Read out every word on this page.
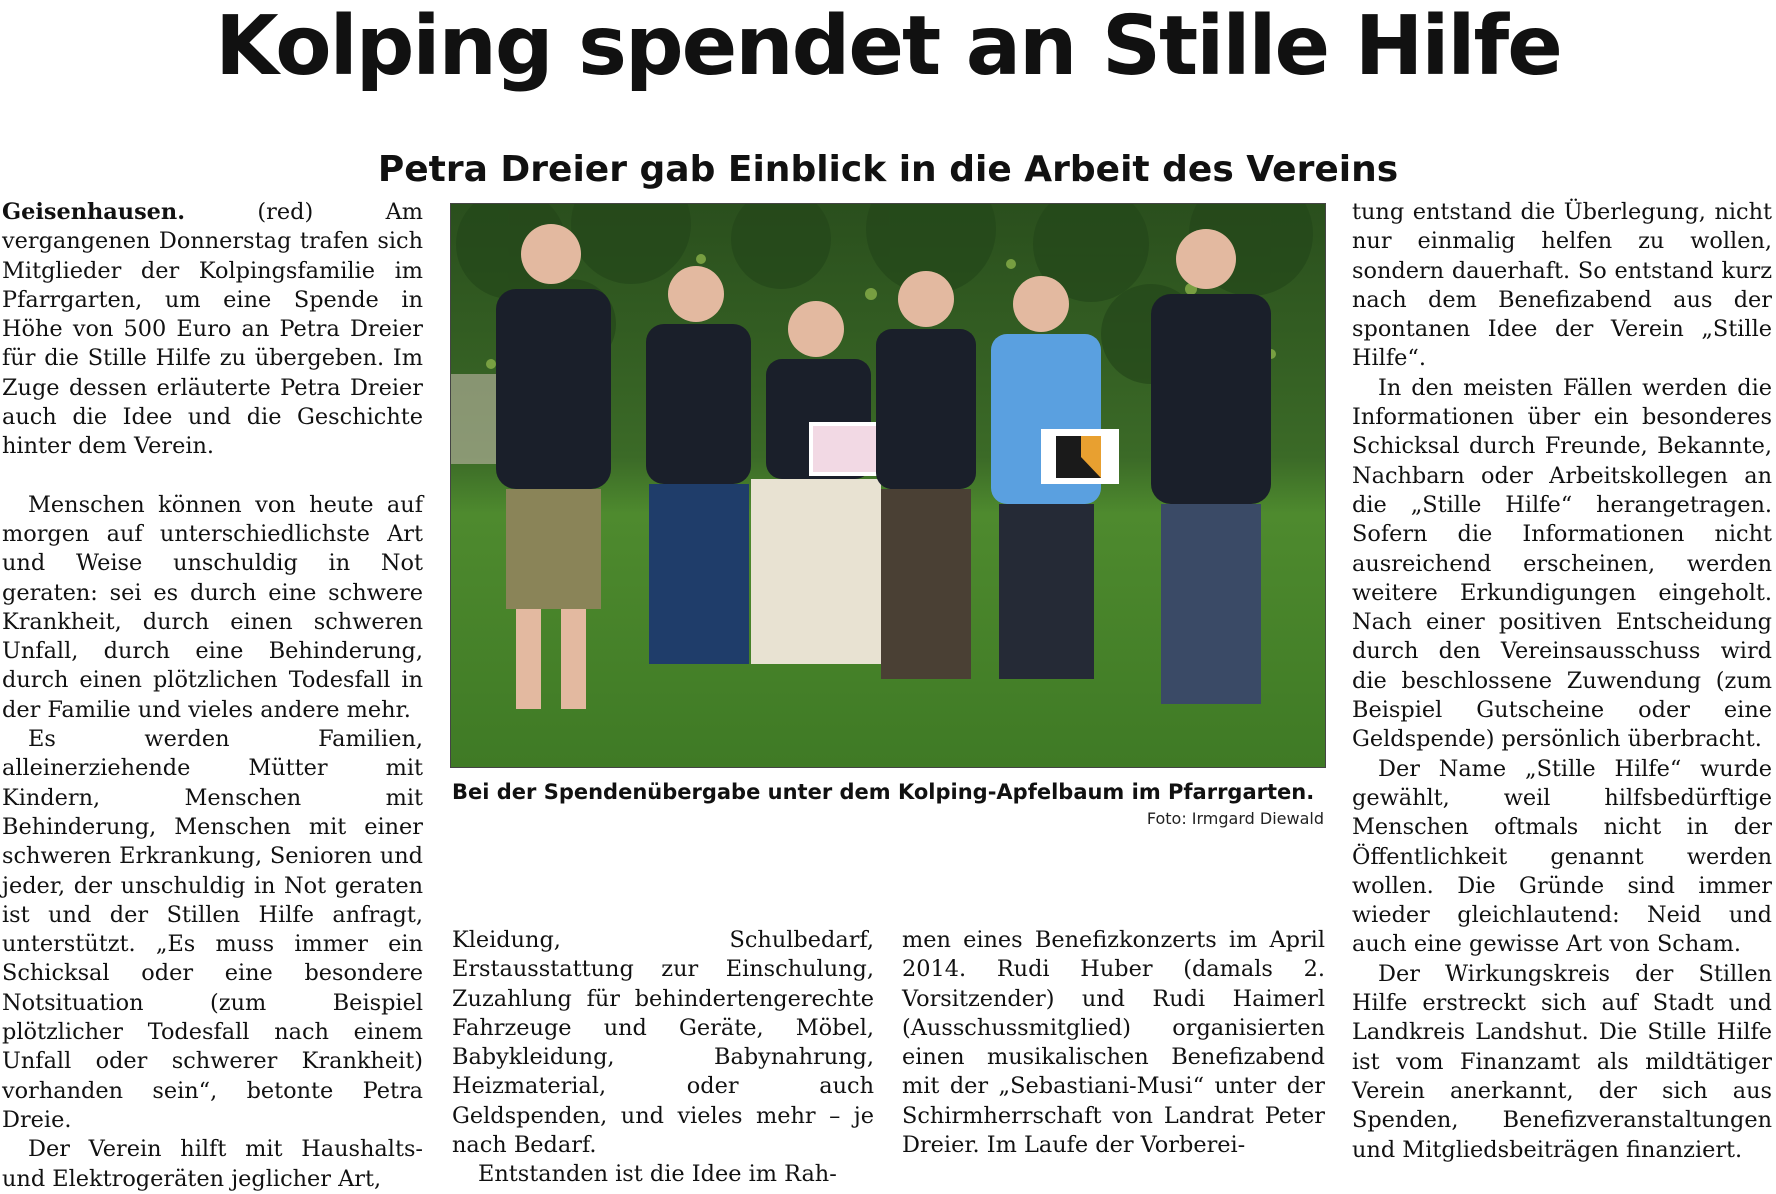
Kolping spendet an Stille Hilfe
Petra Dreier gab Einblick in die Arbeit des Vereins

Geisenhausen.	(red) Am vergangenen Donnerstag trafen sich Mitglieder der Kolpingsfamilie im Pfarrgarten, um eine Spende in Höhe von 500 Euro an Petra Dreier für die Stille Hilfe zu übergeben. Im Zuge dessen erläuterte Petra Dreier auch die Idee und die Geschichte hinter dem Verein.

Menschen können von heute auf morgen auf unterschiedlichste Art und Weise unschuldig in Not geraten: sei es durch eine schwere Krankheit, durch einen schweren Unfall, durch eine Behinderung, durch einen plötzlichen Todesfall in der Familie und vieles andere mehr.

Es werden Familien, alleinerziehende Mütter mit Kindern, Menschen mit Behinderung, Menschen mit einer schweren Erkrankung, Senioren und jeder, der unschuldig in Not geraten ist und der Stillen Hilfe anfragt, unterstützt. „Es muss immer ein Schicksal oder eine besondere Notsituation (zum Beispiel plötzlicher Todesfall nach einem Unfall oder schwerer Krankheit) vorhanden sein“, betonte Petra Dreie.

Der Verein hilft mit Haushalts- und Elektrogeräten jeglicher Art,

Bei der Spendenübergabe unter dem Kolping-Apfelbaum im Pfarrgarten.
Foto: Irmgard Diewald

Kleidung, Schulbedarf, Erstausstattung zur Einschulung, Zuzahlung für behindertengerechte Fahrzeuge und Geräte, Möbel, Babykleidung, Babynahrung, Heizmaterial, oder auch Geldspenden, und vieles mehr – je nach Bedarf.

Entstanden ist die Idee im Rah-

men eines Benefizkonzerts im April 2014. Rudi Huber (damals 2. Vorsitzender) und Rudi Haimerl (Ausschussmitglied) organisierten einen musikalischen Benefizabend mit der „Sebastiani-Musi“ unter der Schirmherrschaft von Landrat Peter Dreier. Im Laufe der Vorberei-

tung entstand die Überlegung, nicht nur einmalig helfen zu wollen, sondern dauerhaft. So entstand kurz nach dem Benefizabend aus der spontanen Idee der Verein „Stille Hilfe“.

In den meisten Fällen werden die Informationen über ein besonderes Schicksal durch Freunde, Bekannte, Nachbarn oder Arbeitskollegen an die „Stille Hilfe“ herangetragen. Sofern die Informationen nicht ausreichend erscheinen, werden weitere Erkundigungen eingeholt. Nach einer positiven Entscheidung durch den Vereinsausschuss wird die beschlossene Zuwendung (zum Beispiel Gutscheine oder eine Geldspende) persönlich überbracht.

Der Name „Stille Hilfe“ wurde gewählt, weil hilfsbedürftige Menschen oftmals nicht in der Öffentlichkeit genannt werden wollen. Die Gründe sind immer wieder gleichlautend: Neid und auch eine gewisse Art von Scham.

Der Wirkungskreis der Stillen Hilfe erstreckt sich auf Stadt und Landkreis Landshut. Die Stille Hilfe ist vom Finanzamt als mildtätiger Verein anerkannt, der sich aus Spenden, Benefizveranstaltungen und Mitgliedsbeiträgen finanziert.
